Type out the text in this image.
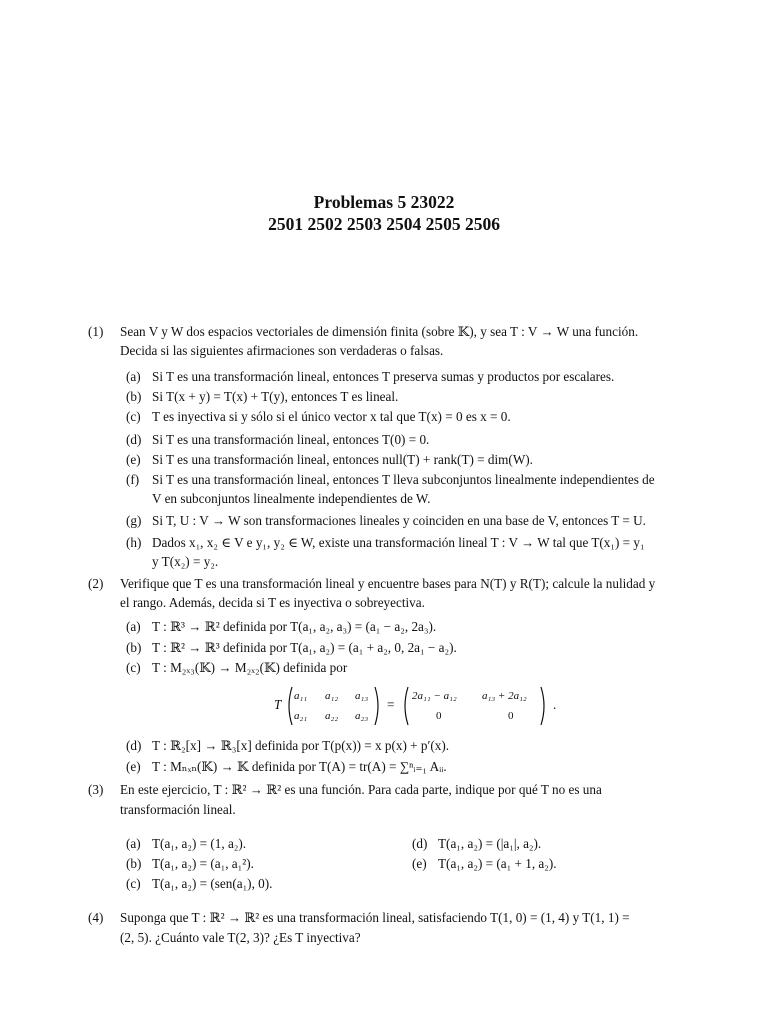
Problemas 5 23022
2501 2502 2503 2504 2505 2506
(1) Sean V y W dos espacios vectoriales de dimensión finita (sobre 𝕂), y sea T : V → W una función.
Decida si las siguientes afirmaciones son verdaderas o falsas.
(a) Si T es una transformación lineal, entonces T preserva sumas y productos por escalares.
(b) Si T(x + y) = T(x) + T(y), entonces T es lineal.
(c) T es inyectiva si y sólo si el único vector x tal que T(x) = 0 es x = 0.
(d) Si T es una transformación lineal, entonces T(0) = 0.
(e) Si T es una transformación lineal, entonces null(T) + rank(T) = dim(W).
(f) Si T es una transformación lineal, entonces T lleva subconjuntos linealmente independientes de
V en subconjuntos linealmente independientes de W.
(g) Si T, U : V → W son transformaciones lineales y coinciden en una base de V, entonces T = U.
(h) Dados x₁, x₂ ∈ V e y₁, y₂ ∈ W, existe una transformación lineal T : V → W tal que T(x₁) = y₁
y T(x₂) = y₂.
(2) Verifique que T es una transformación lineal y encuentre bases para N(T) y R(T); calcule la nulidad y
el rango. Además, decida si T es inyectiva o sobreyectiva.
(a) T : ℝ³ → ℝ² definida por T(a₁, a₂, a₃) = (a₁ − a₂, 2a₃).
(b) T : ℝ² → ℝ³ definida por T(a₁, a₂) = (a₁ + a₂, 0, 2a₁ − a₂).
(c) T : M₂ₓ₃(𝕂) → M₂ₓ₂(𝕂) definida por
T
a₁₁ a₁₂ a₁₃
a₂₁ a₂₂ a₂₃
=
2a₁₁ − a₁₂ a₁₃ + 2a₁₂
0	0
.
(d) T : ℝ₂[x] → ℝ₃[x] definida por T(p(x)) = x p(x) + p′(x).
(e) T : Mₙₓₙ(𝕂) → 𝕂 definida por T(A) = tr(A) = ∑ⁿᵢ₌₁ Aᵢᵢ.
(3) En este ejercicio, T : ℝ² → ℝ² es una función. Para cada parte, indique por qué T no es una
transformación lineal.
(a) T(a₁, a₂) = (1, a₂).
(b) T(a₁, a₂) = (a₁, a₁²).
(c) T(a₁, a₂) = (sen(a₁), 0).
(d) T(a₁, a₂) = (|a₁|, a₂).
(e) T(a₁, a₂) = (a₁ + 1, a₂).
(4) Suponga que T : ℝ² → ℝ² es una transformación lineal, satisfaciendo T(1, 0) = (1, 4) y T(1, 1) =
(2, 5). ¿Cuánto vale T(2, 3)? ¿Es T inyectiva?
